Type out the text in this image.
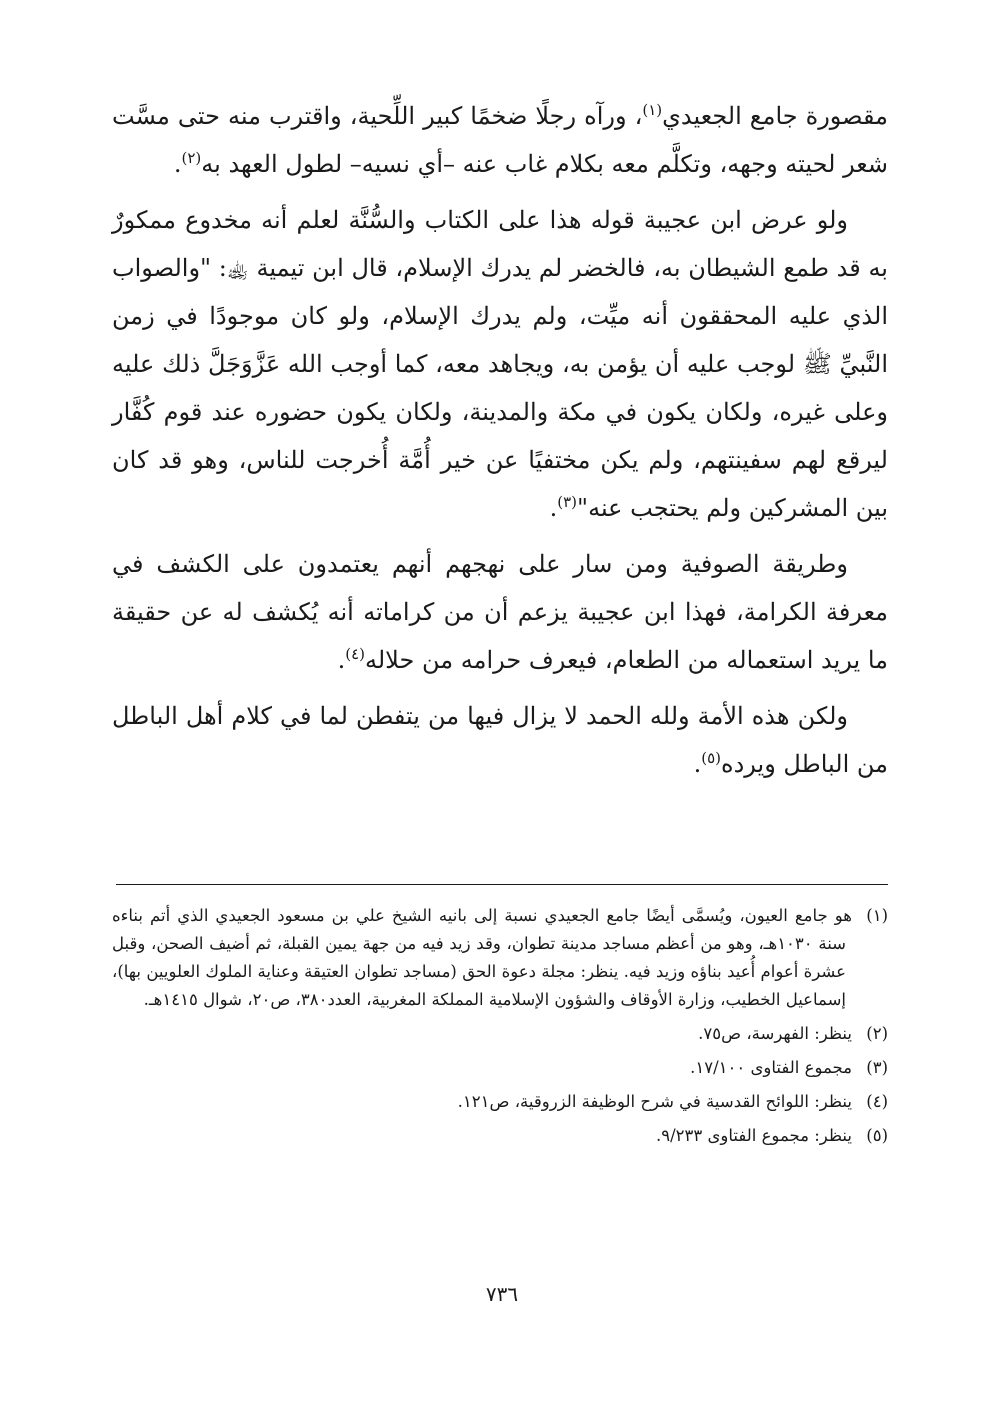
مقصورة جامع الجعيدي$^{(١)}$، ورآه رجلًا ضخمًا كبير اللِّحية، واقترب منه حتى مسَّت شعر لحيته وجهه، وتكلَّم معه بكلام غاب عنه –أي نسيه– لطول العهد به$^{(٢)}$.

ولو عرض ابن عجيبة قوله هذا على الكتاب والسُّنَّة لعلم أنه مخدوع ممكورٌ به قد طمع الشيطان به، فالخضر لم يدرك الإسلام، قال ابن تيمية ﵀: "والصواب الذي عليه المحققون أنه ميِّت، ولم يدرك الإسلام، ولو كان موجودًا في زمن النَّبيِّ ﷺ لوجب عليه أن يؤمن به، ويجاهد معه، كما أوجب الله عَزَّوَجَلَّ ذلك عليه وعلى غيره، ولكان يكون في مكة والمدينة، ولكان يكون حضوره عند قوم كُفَّار ليرقع لهم سفينتهم، ولم يكن مختفيًا عن خير أُمَّة أُخرجت للناس، وهو قد كان بين المشركين ولم يحتجب عنه"$^{(٣)}$.

وطريقة الصوفية ومن سار على نهجهم أنهم يعتمدون على الكشف في معرفة الكرامة، فهذا ابن عجيبة يزعم أن من كراماته أنه يُكشف له عن حقيقة ما يريد استعماله من الطعام، فيعرف حرامه من حلاله$^{(٤)}$.

ولكن هذه الأمة ولله الحمد لا يزال فيها من يتفطن لما في كلام أهل الباطل من الباطل ويرده$^{(٥)}$.

(١)هو جامع العيون، ويُسمَّى أيضًا جامع الجعيدي نسبة إلى بانيه الشيخ علي بن مسعود الجعيدي الذي أتم بناءه سنة ١٠٣٠هـ، وهو من أعظم مساجد مدينة تطوان، وقد زيد فيه من جهة يمين القبلة، ثم أضيف الصحن، وقبل عشرة أعوام أُعيد بناؤه وزيد فيه. ينظر: مجلة دعوة الحق (مساجد تطوان العتيقة وعناية الملوك العلويين بها)، إسماعيل الخطيب، وزارة الأوقاف والشؤون الإسلامية المملكة المغربية، العدد٣٨٠، ص٢٠، شوال ١٤١٥هـ.

(٢)ينظر: الفهرسة، ص٧٥.

(٣)مجموع الفتاوى ١٧/١٠٠.

(٤)ينظر: اللوائح القدسية في شرح الوظيفة الزروقية، ص١٢١.

(٥)ينظر: مجموع الفتاوى ٩/٢٣٣.

٧٣٦
